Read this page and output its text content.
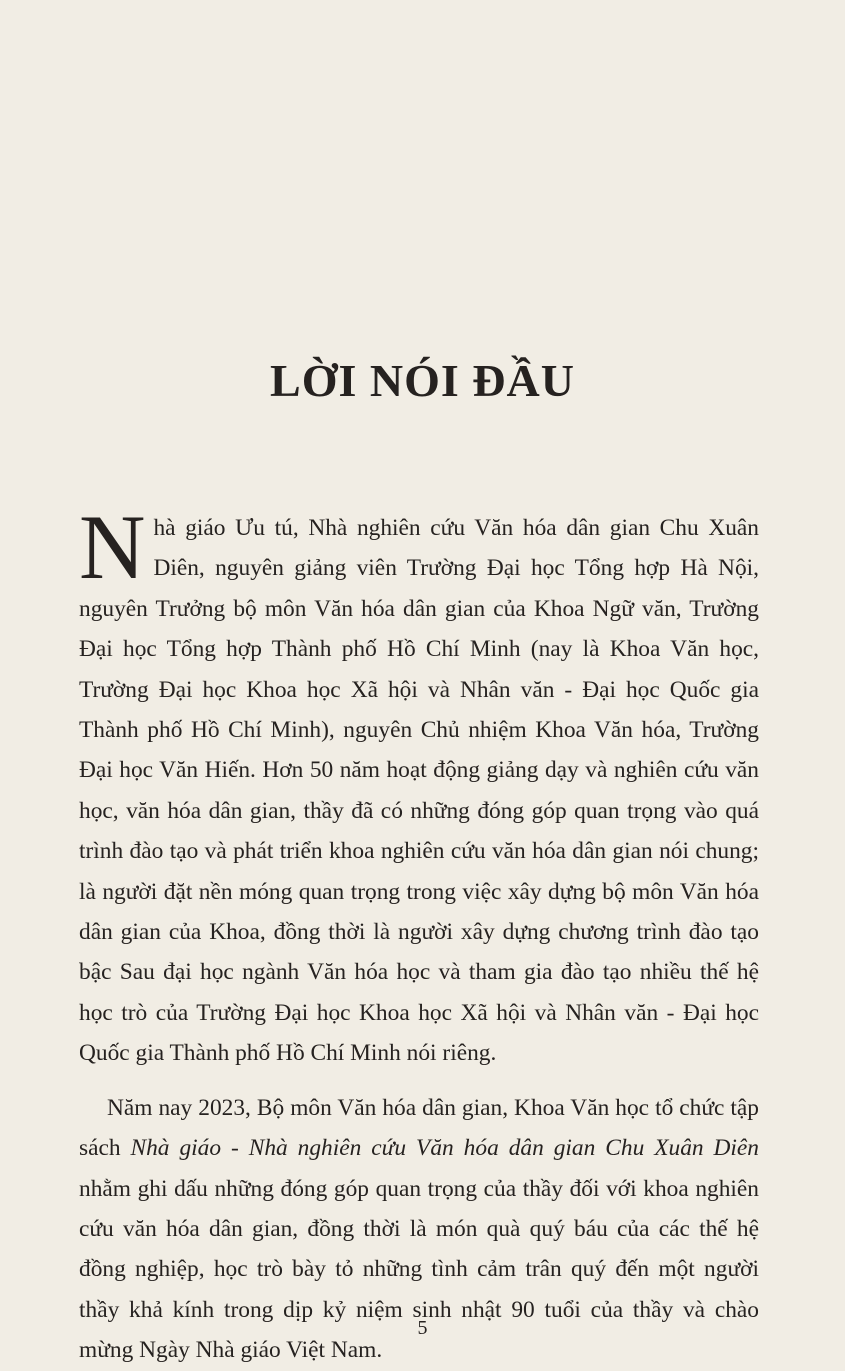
LỜI NÓI ĐẦU

Nhà giáo Ưu tú, Nhà nghiên cứu Văn hóa dân gian Chu Xuân Diên, nguyên giảng viên Trường Đại học Tổng hợp Hà Nội, nguyên Trưởng bộ môn Văn hóa dân gian của Khoa Ngữ văn, Trường Đại học Tổng hợp Thành phố Hồ Chí Minh (nay là Khoa Văn học, Trường Đại học Khoa học Xã hội và Nhân văn - Đại học Quốc gia Thành phố Hồ Chí Minh), nguyên Chủ nhiệm Khoa Văn hóa, Trường Đại học Văn Hiến. Hơn 50 năm hoạt động giảng dạy và nghiên cứu văn học, văn hóa dân gian, thầy đã có những đóng góp quan trọng vào quá trình đào tạo và phát triển khoa nghiên cứu văn hóa dân gian nói chung; là người đặt nền móng quan trọng trong việc xây dựng bộ môn Văn hóa dân gian của Khoa, đồng thời là người xây dựng chương trình đào tạo bậc Sau đại học ngành Văn hóa học và tham gia đào tạo nhiều thế hệ học trò của Trường Đại học Khoa học Xã hội và Nhân văn - Đại học Quốc gia Thành phố Hồ Chí Minh nói riêng.

Năm nay 2023, Bộ môn Văn hóa dân gian, Khoa Văn học tổ chức tập sách Nhà giáo - Nhà nghiên cứu Văn hóa dân gian Chu Xuân Diên nhằm ghi dấu những đóng góp quan trọng của thầy đối với khoa nghiên cứu văn hóa dân gian, đồng thời là món quà quý báu của các thế hệ đồng nghiệp, học trò bày tỏ những tình cảm trân quý đến một người thầy khả kính trong dịp kỷ niệm sinh nhật 90 tuổi của thầy và chào mừng Ngày Nhà giáo Việt Nam.

5
